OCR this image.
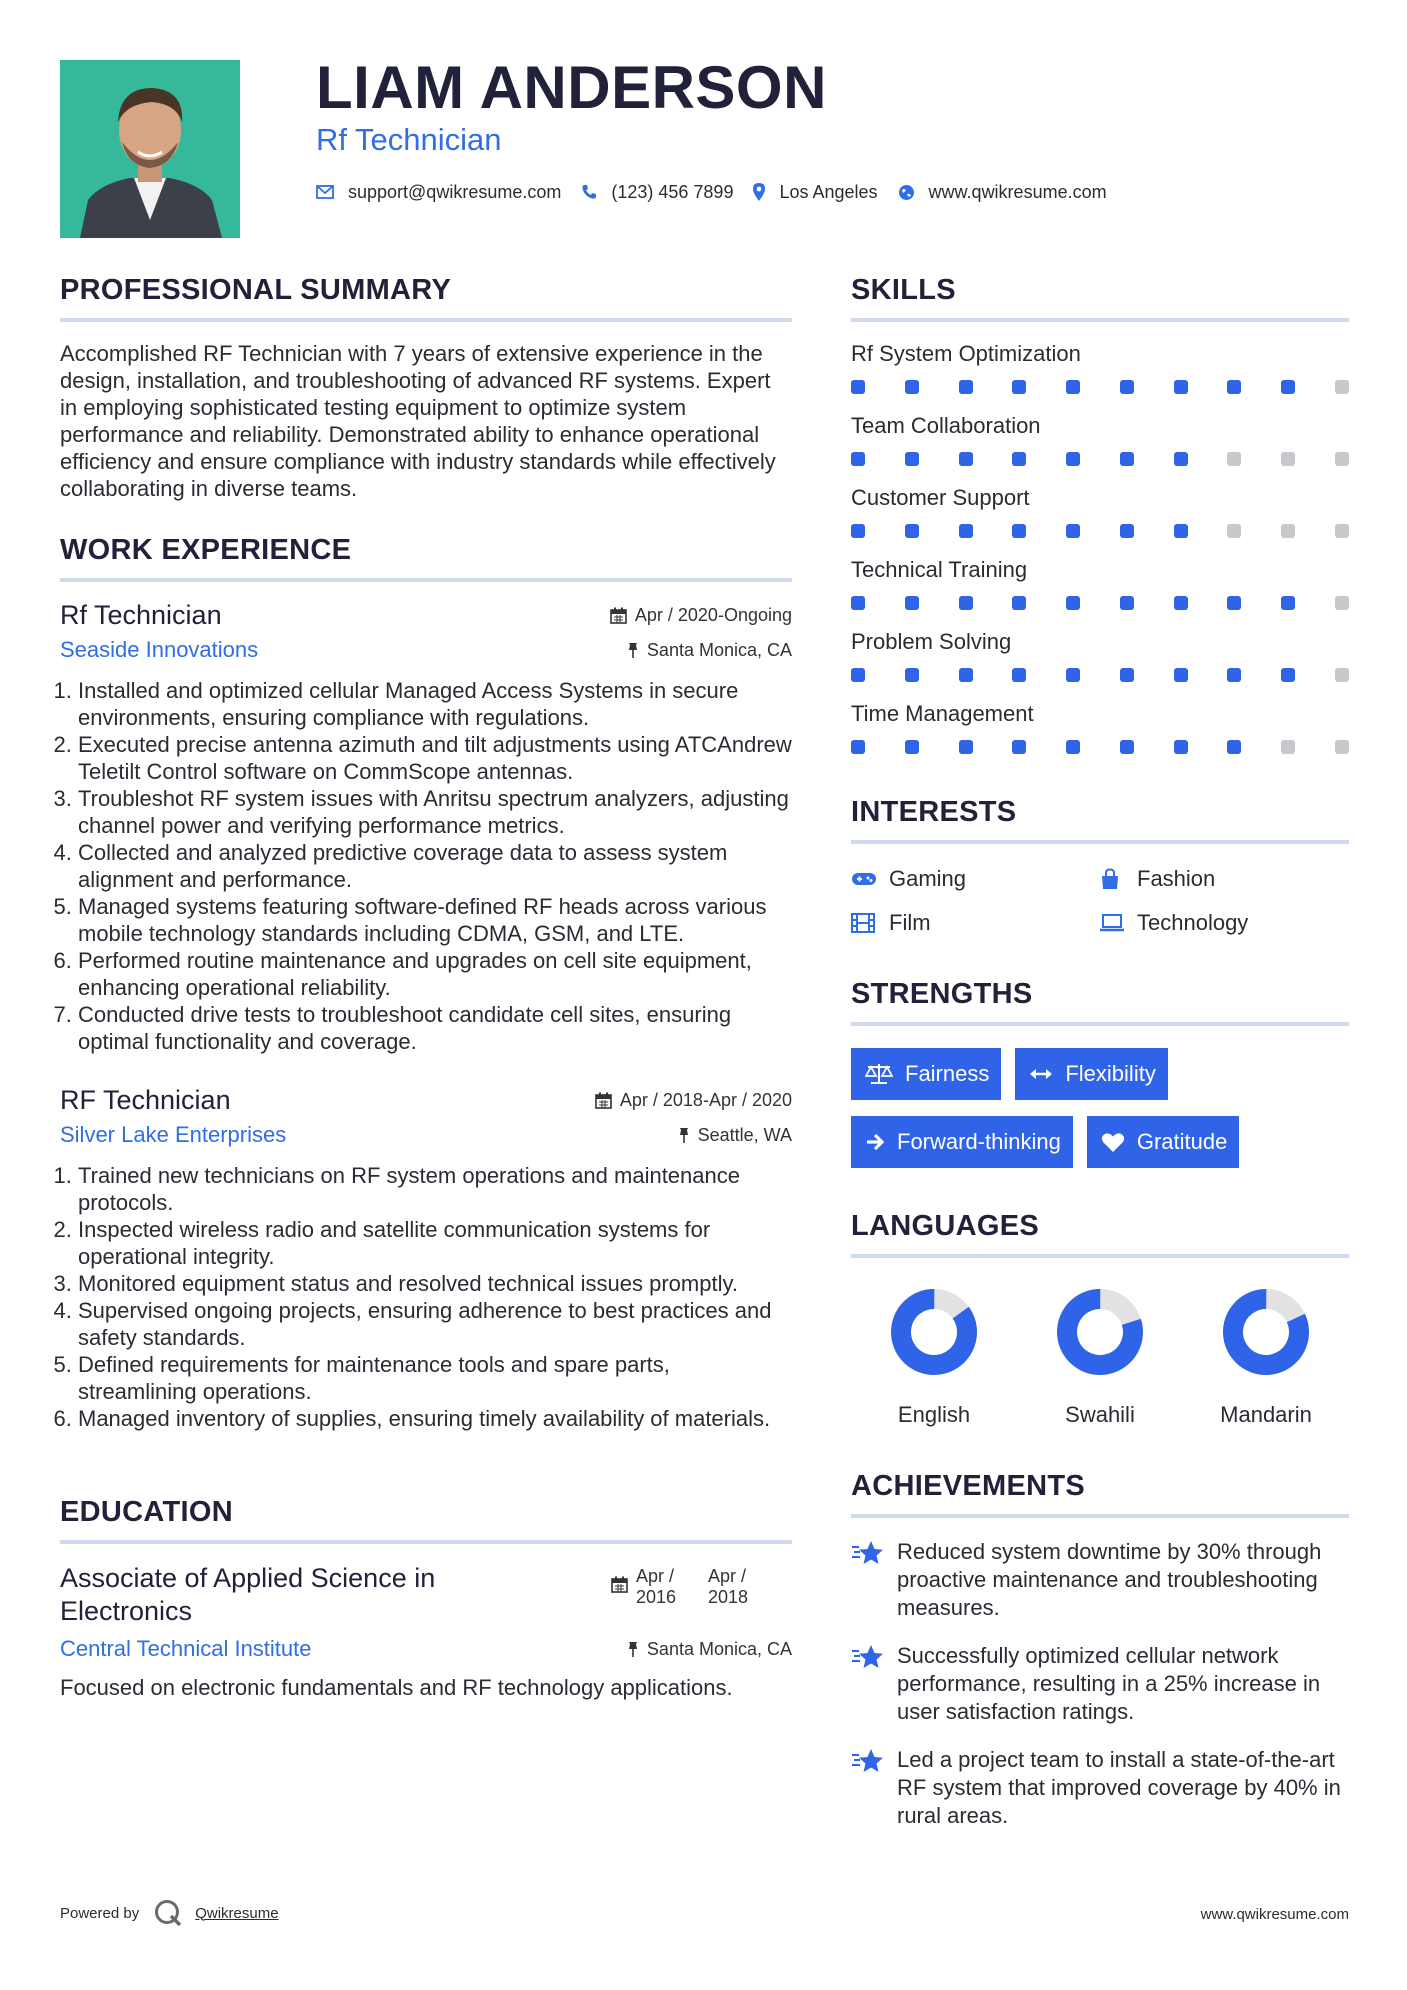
LIAM ANDERSON
Rf Technician
support@qwikresume.com	(123) 456 7899	Los Angeles	www.qwikresume.com
PROFESSIONAL SUMMARY

Accomplished RF Technician with 7 years of extensive experience in the design, installation, and troubleshooting of advanced RF systems. Expert in employing sophisticated testing equipment to optimize system performance and reliability. Demonstrated ability to enhance operational efficiency and ensure compliance with industry standards while effectively collaborating in diverse teams.

WORK EXPERIENCE
Rf Technician	Apr / 2020-Ongoing
Seaside Innovations	Santa Monica, CA
1. Installed and optimized cellular Managed Access Systems in secure environments, ensuring compliance with regulations.
2. Executed precise antenna azimuth and tilt adjustments using ATCAndrew Teletilt Control software on CommScope antennas.
3. Troubleshot RF system issues with Anritsu spectrum analyzers, adjusting channel power and verifying performance metrics.
4. Collected and analyzed predictive coverage data to assess system alignment and performance.
5. Managed systems featuring software-defined RF heads across various mobile technology standards including CDMA, GSM, and LTE.
6. Performed routine maintenance and upgrades on cell site equipment, enhancing operational reliability.
7. Conducted drive tests to troubleshoot candidate cell sites, ensuring optimal functionality and coverage.
RF Technician	Apr / 2018-Apr / 2020
Silver Lake Enterprises	Seattle, WA
1. Trained new technicians on RF system operations and maintenance protocols.
2. Inspected wireless radio and satellite communication systems for operational integrity.
3. Monitored equipment status and resolved technical issues promptly.
4. Supervised ongoing projects, ensuring adherence to best practices and safety standards.
5. Defined requirements for maintenance tools and spare parts, streamlining operations.
6. Managed inventory of supplies, ensuring timely availability of materials.
EDUCATION
Associate of Applied Science in Electronics
Apr / 2016
Apr / 2018
Central Technical Institute	Santa Monica, CA

Focused on electronic fundamentals and RF technology applications.

SKILLS
Rf System Optimization
Team Collaboration
Customer Support
Technical Training
Problem Solving
Time Management
INTERESTS
Gaming	Fashion
Film	Technology
STRENGTHS
Fairness	Flexibility
Forward-thinking	Gratitude
LANGUAGES
English	Swahili	Mandarin
ACHIEVEMENTS
Reduced system downtime by 30% through proactive maintenance and troubleshooting measures.
Successfully optimized cellular network performance, resulting in a 25% increase in user satisfaction ratings.
Led a project team to install a state-of-the-art RF system that improved coverage by 40% in rural areas.
Powered by	Qwikresume	www.qwikresume.com
